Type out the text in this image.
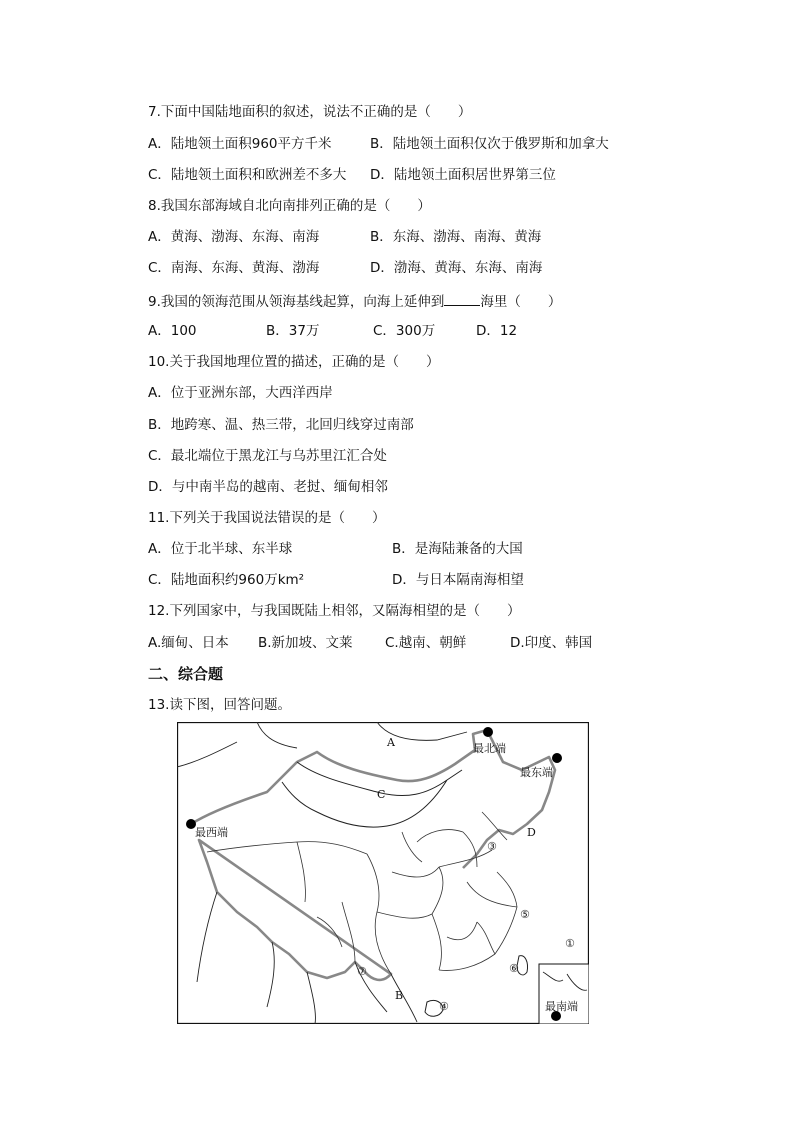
7.下面中国陆地面积的叙述，说法不正确的是（　　）
A．陆地领土面积960平方千米	B．陆地领土面积仅次于俄罗斯和加拿大
C．陆地领土面积和欧洲差不多大 D．陆地领土面积居世界第三位
8.我国东部海域自北向南排列正确的是（　　）
A．黄海、渤海、东海、南海	B．东海、渤海、南海、黄海
C．南海、东海、黄海、渤海	D．渤海、黄海、东海、南海
9.我国的领海范围从领海基线起算，向海上延伸到	海里（　　）
A．100	B．37万	C．300万	D．12
10.关于我国地理位置的描述，正确的是（　　）
A．位于亚洲东部，大西洋西岸
B．地跨寒、温、热三带，北回归线穿过南部
C．最北端位于黑龙江与乌苏里江汇合处
D．与中南半岛的越南、老挝、缅甸相邻
11.下列关于我国说法错误的是（　　）
A．位于北半球、东半球	B．是海陆兼备的大国
C．陆地面积约960万km²	D．与日本隔南海相望
12.下列国家中，与我国既陆上相邻，又隔海相望的是（　　）
A.缅甸、日本 B.新加坡、文莱 C.越南、朝鲜	D.印度、韩国
二、综合题
13.读下图，回答问题。
A
C
D
B
最北端
最东端
最西端
最南端
③
⑤
①
⑥
⑦
④
